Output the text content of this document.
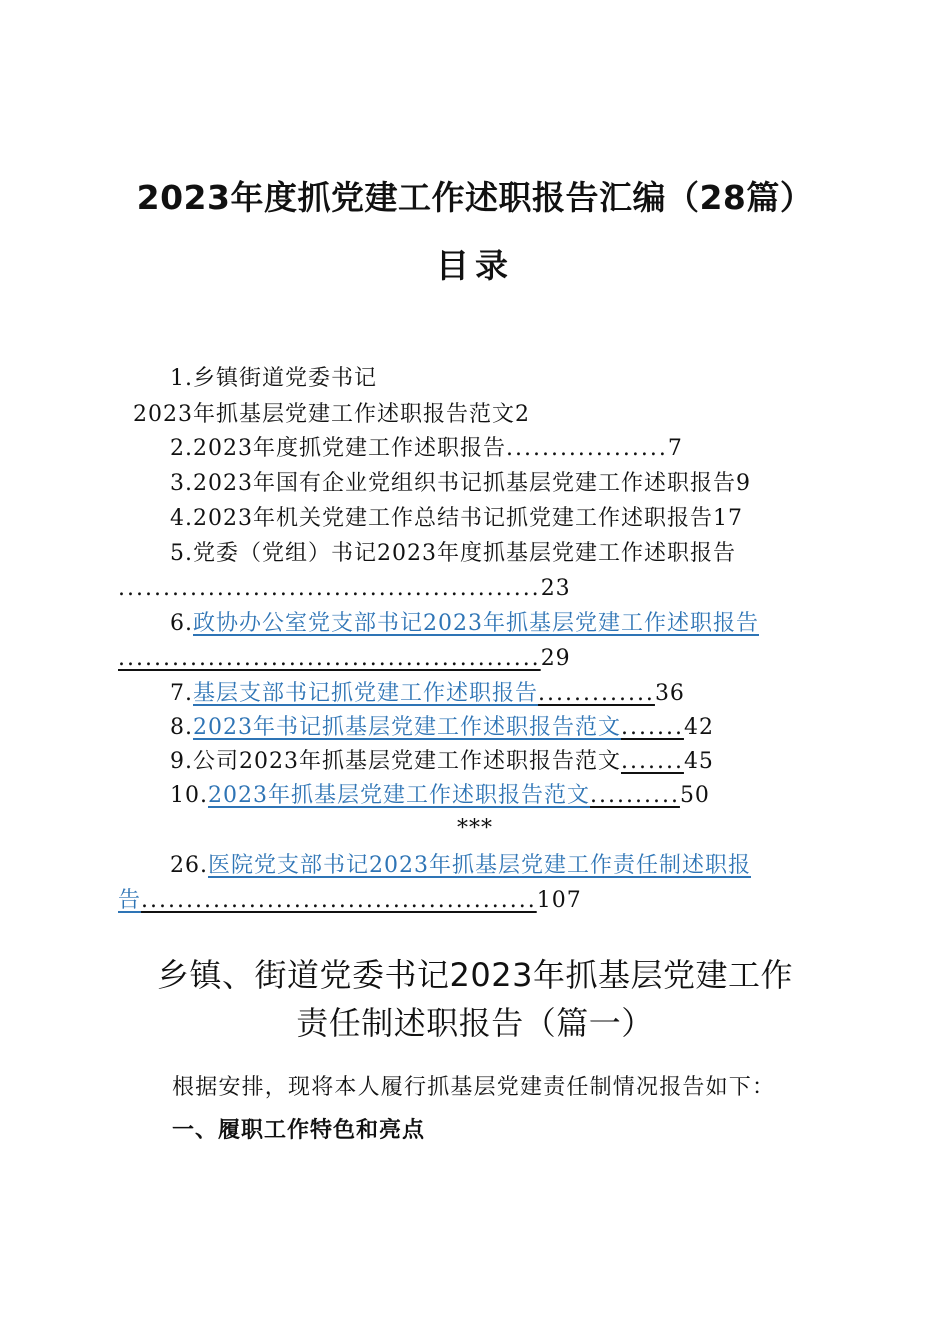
2023年度抓党建工作述职报告汇编（28篇）
目录
1.乡镇街道党委书记
2023年抓基层党建工作述职报告范文2
2.2023年度抓党建工作述职报告..................7
3.2023年国有企业党组织书记抓基层党建工作述职报告9
4.2023年机关党建工作总结书记抓党建工作述职报告17
5.党委（党组）书记2023年度抓基层党建工作述职报告
...............................................23
6.政协办公室党支部书记2023年抓基层党建工作述职报告
...............................................29
7.基层支部书记抓党建工作述职报告.............36
8.2023年书记抓基层党建工作述职报告范文.......42
9.公司2023年抓基层党建工作述职报告范文.......45
10.2023年抓基层党建工作述职报告范文..........50
***
26.医院党支部书记2023年抓基层党建工作责任制述职报
告............................................107
乡镇、街道党委书记2023年抓基层党建工作
责任制述职报告（篇一）
根据安排，现将本人履行抓基层党建责任制情况报告如下：
一、履职工作特色和亮点
